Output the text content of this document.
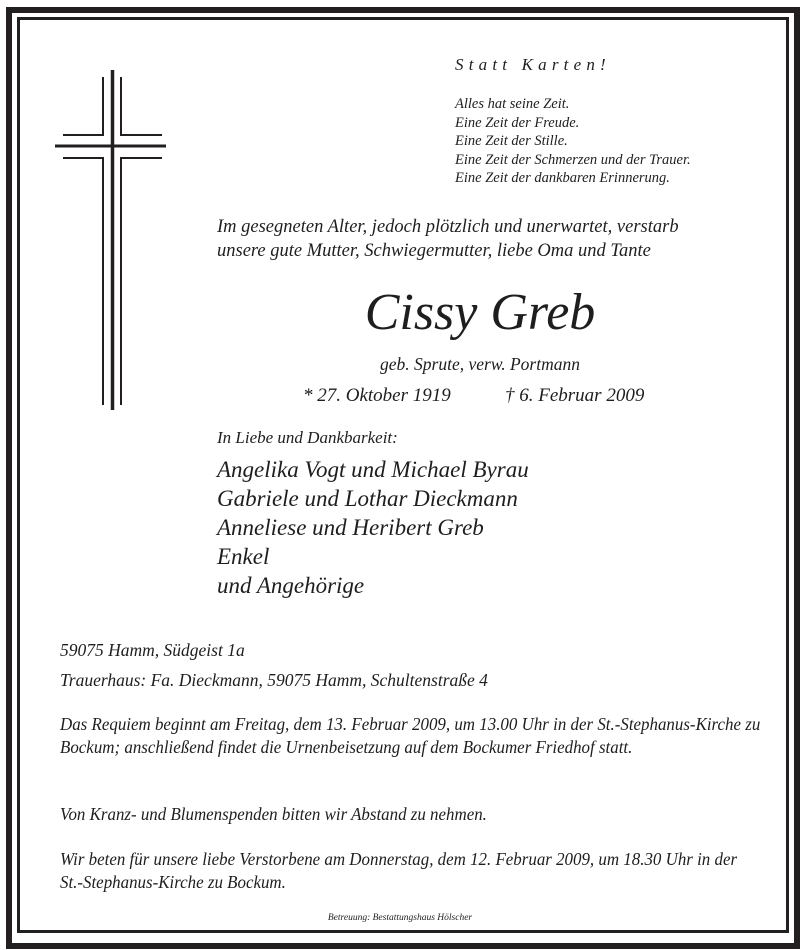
Statt Karten!
Alles hat seine Zeit.
Eine Zeit der Freude.
Eine Zeit der Stille.
Eine Zeit der Schmerzen und der Trauer.
Eine Zeit der dankbaren Erinnerung.
Im gesegneten Alter, jedoch plötzlich und unerwartet, verstarb
unsere gute Mutter, Schwiegermutter, liebe Oma und Tante
Cissy Greb
geb. Sprute, verw. Portmann
* 27. Oktober 1919	† 6. Februar 2009
In Liebe und Dankbarkeit:
Angelika Vogt und Michael Byrau
Gabriele und Lothar Dieckmann
Anneliese und Heribert Greb
Enkel
und Angehörige
59075 Hamm, Südgeist 1a
Trauerhaus: Fa. Dieckmann, 59075 Hamm, Schultenstraße 4
Das Requiem beginnt am Freitag, dem 13. Februar 2009, um 13.00 Uhr in der St.-Stephanus-Kirche zu Bockum; anschließend findet die Urnenbeisetzung auf dem Bockumer Friedhof statt.
Von Kranz- und Blumenspenden bitten wir Abstand zu nehmen.
Wir beten für unsere liebe Verstorbene am Donnerstag, dem 12. Februar 2009, um 18.30 Uhr in der St.-Stephanus-Kirche zu Bockum.
Betreuung: Bestattungshaus Hölscher
